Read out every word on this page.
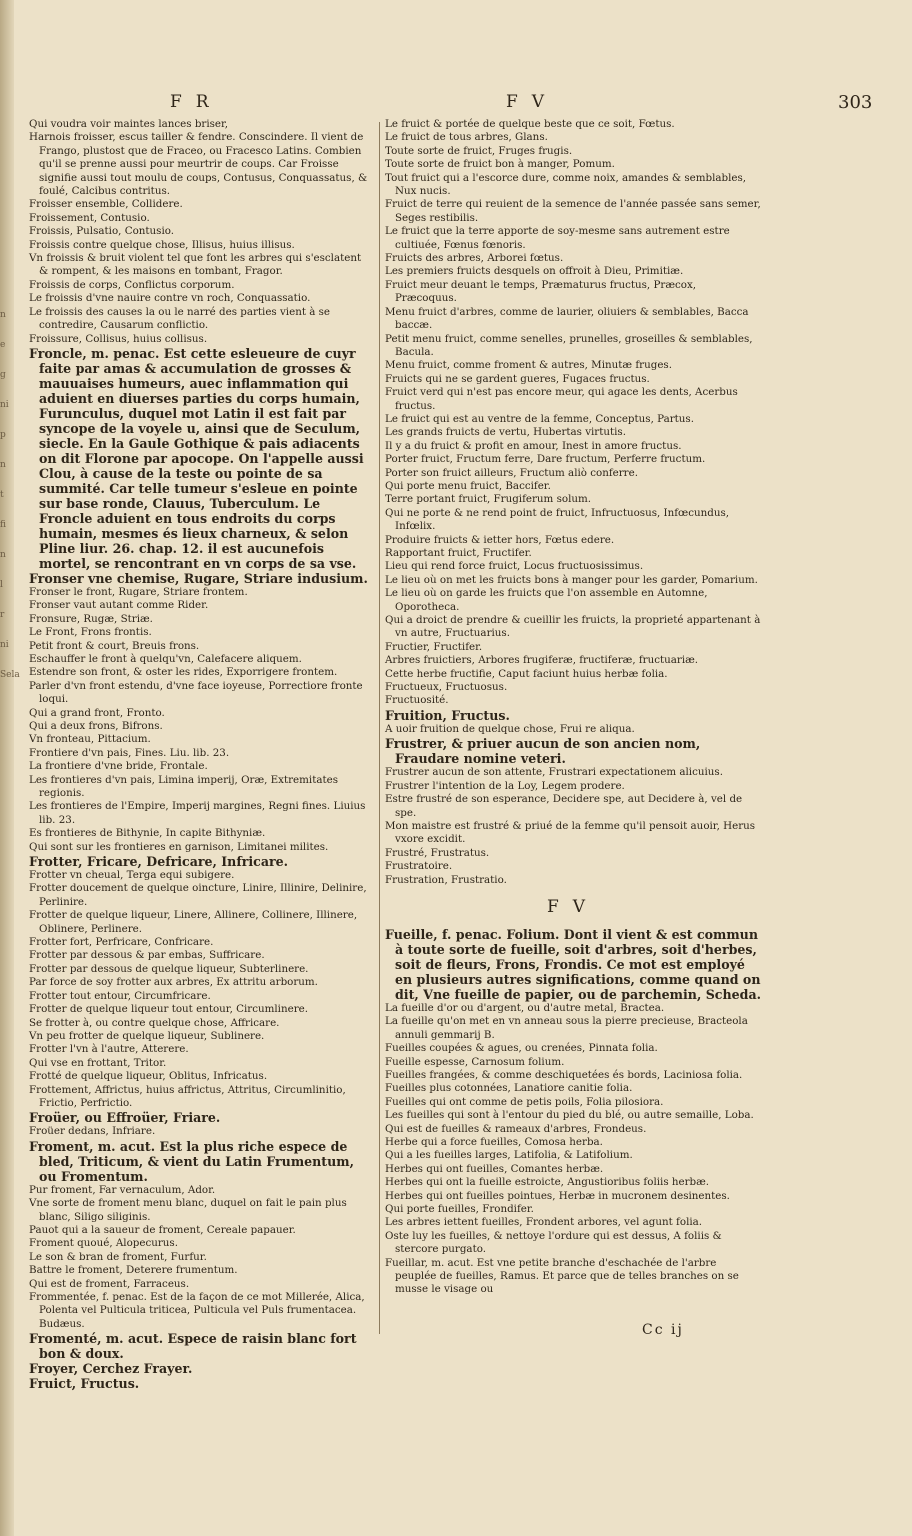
n
e
g
ni
p
n
t
fi
n
l
r
ni
Sela
FR	FV	303
Qui voudra voir maintes lances briser,
Harnois froisser, escus tailler & fendre. Conscindere. Il vient de Frango, plustost que de Fraceo, ou Fracesco Latins. Combien qu'il se prenne aussi pour meurtrir de coups. Car Froisse signifie aussi tout moulu de coups, Contusus, Conquassatus, & foulé, Calcibus contritus.
Froisser ensemble, Collidere.
Froissement, Contusio.
Froissis, Pulsatio, Contusio.
Froissis contre quelque chose, Illisus, huius illisus.
Vn froissis & bruit violent tel que font les arbres qui s'esclatent & rompent, & les maisons en tombant, Fragor.
Froissis de corps, Conflictus corporum.
Le froissis d'vne nauire contre vn roch, Conquassatio.
Le froissis des causes la ou le narré des parties vient à se contredire, Causarum conflictio.
Froissure, Collisus, huius collisus.
Froncle, m. penac. Est cette esleueure de cuyr faite par amas & accumulation de grosses & mauuaises humeurs, auec inflammation qui aduient en diuerses parties du corps humain, Furunculus, duquel mot Latin il est fait par syncope de la voyele u, ainsi que de Seculum, siecle. En la Gaule Gothique & pais adiacents on dit Florone par apocope. On l'appelle aussi Clou, à cause de la teste ou pointe de sa summité. Car telle tumeur s'esleue en pointe sur base ronde, Clauus, Tuberculum. Le Froncle aduient en tous endroits du corps humain, mesmes és lieux charneux, & selon Pline liur. 26. chap. 12. il est aucunefois mortel, se rencontrant en vn corps de sa vse.
Fronser vne chemise, Rugare, Striare indusium.
Fronser le front, Rugare, Striare frontem.
Fronser vaut autant comme Rider.
Fronsure, Rugæ, Striæ.
Le Front, Frons frontis.
Petit front & court, Breuis frons.
Eschauffer le front à quelqu'vn, Calefacere aliquem.
Estendre son front, & oster les rides, Exporrigere frontem.
Parler d'vn front estendu, d'vne face ioyeuse, Porrectiore fronte loqui.
Qui a grand front, Fronto.
Qui a deux frons, Bifrons.
Vn fronteau, Pittacium.
Frontiere d'vn pais, Fines. Liu. lib. 23.
La frontiere d'vne bride, Frontale.
Les frontieres d'vn pais, Limina imperij, Oræ, Extremitates regionis.
Les frontieres de l'Empire, Imperij margines, Regni fines. Liuius lib. 23.
Es frontieres de Bithynie, In capite Bithyniæ.
Qui sont sur les frontieres en garnison, Limitanei milites.
Frotter, Fricare, Defricare, Infricare.
Frotter vn cheual, Terga equi subigere.
Frotter doucement de quelque oincture, Linire, Illinire, Delinire, Perlinire.
Frotter de quelque liqueur, Linere, Allinere, Collinere, Illinere, Oblinere, Perlinere.
Frotter fort, Perfricare, Confricare.
Frotter par dessous & par embas, Suffricare.
Frotter par dessous de quelque liqueur, Subterlinere.
Par force de soy frotter aux arbres, Ex attritu arborum.
Frotter tout entour, Circumfricare.
Frotter de quelque liqueur tout entour, Circumlinere.
Se frotter à, ou contre quelque chose, Affricare.
Vn peu frotter de quelque liqueur, Sublinere.
Frotter l'vn à l'autre, Atterere.
Qui vse en frottant, Tritor.
Frotté de quelque liqueur, Oblitus, Infricatus.
Frottement, Affrictus, huius affrictus, Attritus, Circumlinitio, Frictio, Perfrictio.
Froüer, ou Effroüer, Friare.
Froüer dedans, Infriare.
Froment, m. acut. Est la plus riche espece de bled, Triticum, & vient du Latin Frumentum, ou Fromentum.
Pur froment, Far vernaculum, Ador.
Vne sorte de froment menu blanc, duquel on fait le pain plus blanc, Siligo siliginis.
Pauot qui a la saueur de froment, Cereale papauer.
Froment quoué, Alopecurus.
Le son & bran de froment, Furfur.
Battre le froment, Deterere frumentum.
Qui est de froment, Farraceus.
Frommentée, f. penac. Est de la façon de ce mot Millerée, Alica, Polenta vel Pulticula triticea, Pulticula vel Puls frumentacea. Budæus.
Fromenté, m. acut. Espece de raisin blanc fort bon & doux.
Froyer, Cerchez Frayer.
Fruict, Fructus.
Le fruict & portée de quelque beste que ce soit, Fœtus.
Le fruict de tous arbres, Glans.
Toute sorte de fruict, Fruges frugis.
Toute sorte de fruict bon à manger, Pomum.
Tout fruict qui a l'escorce dure, comme noix, amandes & semblables, Nux nucis.
Fruict de terre qui reuient de la semence de l'année passée sans semer, Seges restibilis.
Le fruict que la terre apporte de soy-mesme sans autrement estre cultiuée, Fœnus fœnoris.
Fruicts des arbres, Arborei fœtus.
Les premiers fruicts desquels on offroit à Dieu, Primitiæ.
Fruict meur deuant le temps, Præmaturus fructus, Præcox, Præcoquus.
Menu fruict d'arbres, comme de laurier, oliuiers & semblables, Bacca baccæ.
Petit menu fruict, comme senelles, prunelles, groseilles & semblables, Bacula.
Menu fruict, comme froment & autres, Minutæ fruges.
Fruicts qui ne se gardent gueres, Fugaces fructus.
Fruict verd qui n'est pas encore meur, qui agace les dents, Acerbus fructus.
Le fruict qui est au ventre de la femme, Conceptus, Partus.
Les grands fruicts de vertu, Hubertas virtutis.
Il y a du fruict & profit en amour, Inest in amore fructus.
Porter fruict, Fructum ferre, Dare fructum, Perferre fructum.
Porter son fruict ailleurs, Fructum aliò conferre.
Qui porte menu fruict, Baccifer.
Terre portant fruict, Frugiferum solum.
Qui ne porte & ne rend point de fruict, Infructuosus, Infœcundus, Infœlix.
Produire fruicts & ietter hors, Fœtus edere.
Rapportant fruict, Fructifer.
Lieu qui rend force fruict, Locus fructuosissimus.
Le lieu où on met les fruicts bons à manger pour les garder, Pomarium.
Le lieu où on garde les fruicts que l'on assemble en Automne, Oporotheca.
Qui a droict de prendre & cueillir les fruicts, la proprieté appartenant à vn autre, Fructuarius.
Fructier, Fructifer.
Arbres fruictiers, Arbores frugiferæ, fructiferæ, fructuariæ.
Cette herbe fructifie, Caput faciunt huius herbæ folia.
Fructueux, Fructuosus.
Fructuosité.
Fruition, Fructus.
A uoir fruition de quelque chose, Frui re aliqua.
Frustrer, & priuer aucun de son ancien nom, Fraudare nomine veteri.
Frustrer aucun de son attente, Frustrari expectationem alicuius.
Frustrer l'intention de la Loy, Legem prodere.
Estre frustré de son esperance, Decidere spe, aut Decidere à, vel de spe.
Mon maistre est frustré & priué de la femme qu'il pensoit auoir, Herus vxore excidit.
Frustré, Frustratus.
Frustratoire.
Frustration, Frustratio.
FV
Fueille, f. penac. Folium. Dont il vient & est commun à toute sorte de fueille, soit d'arbres, soit d'herbes, soit de fleurs, Frons, Frondis. Ce mot est employé en plusieurs autres significations, comme quand on dit, Vne fueille de papier, ou de parchemin, Scheda.
La fueille d'or ou d'argent, ou d'autre metal, Bractea.
La fueille qu'on met en vn anneau sous la pierre precieuse, Bracteola annuli gemmarij B.
Fueilles coupées & agues, ou crenées, Pinnata folia.
Fueille espesse, Carnosum folium.
Fueilles frangées, & comme deschiquetées és bords, Laciniosa folia.
Fueilles plus cotonnées, Lanatiore canitie folia.
Fueilles qui ont comme de petis poils, Folia pilosiora.
Les fueilles qui sont à l'entour du pied du blé, ou autre semaille, Loba.
Qui est de fueilles & rameaux d'arbres, Frondeus.
Herbe qui a force fueilles, Comosa herba.
Qui a les fueilles larges, Latifolia, & Latifolium.
Herbes qui ont fueilles, Comantes herbæ.
Herbes qui ont la fueille estroicte, Angustioribus foliis herbæ.
Herbes qui ont fueilles pointues, Herbæ in mucronem desinentes.
Qui porte fueilles, Frondifer.
Les arbres iettent fueilles, Frondent arbores, vel agunt folia.
Oste luy les fueilles, & nettoye l'ordure qui est dessus, A foliis & stercore purgato.
Fueillar, m. acut. Est vne petite branche d'eschachée de l'arbre peuplée de fueilles, Ramus. Et parce que de telles branches on se musse le visage ou
Cc ij
